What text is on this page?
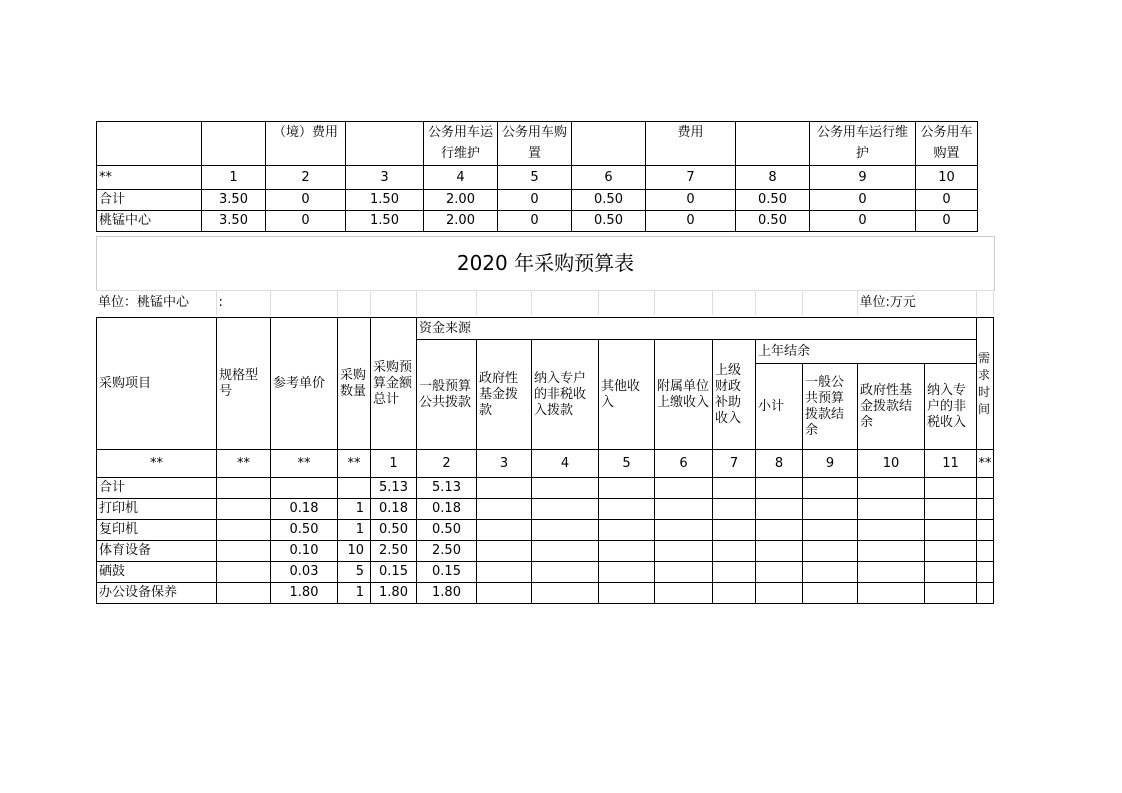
		（境）费用		公务用车运行维护	公务用车购置		费用		公务用车运行维护	公务用车购置
**	1	2	3	4	5	6	7	8	9	10
合计	3.50	0	1.50	2.00	0	0.50	0	0.50	0	0
桃锰中心	3.50	0	1.50	2.00	0	0.50	0	0.50	0	0
2020 年采购预算表
单位：桃锰中心	:												单位:万元	
采购项目	规格型号	参考单价	采购数量	采购预算金额总计	资金来源										需求时间
					一般预算公共拨款	政府性基金拨款	纳入专户的非税收入拨款	其他收入	附属单位上缴收入	上级财政补助收入	上年结余				
											小计	一般公共预算拨款结余	政府性基金拨款结余	纳入专户的非税收入	
**	**	**	**	1	2	3	4	5	6	7	8	9	10	11	**
合计				5.13	5.13										
打印机		0.18	1	0.18	0.18										
复印机		0.50	1	0.50	0.50										
体育设备		0.10	10	2.50	2.50										
硒鼓		0.03	5	0.15	0.15										
办公设备保养		1.80	1	1.80	1.80										
